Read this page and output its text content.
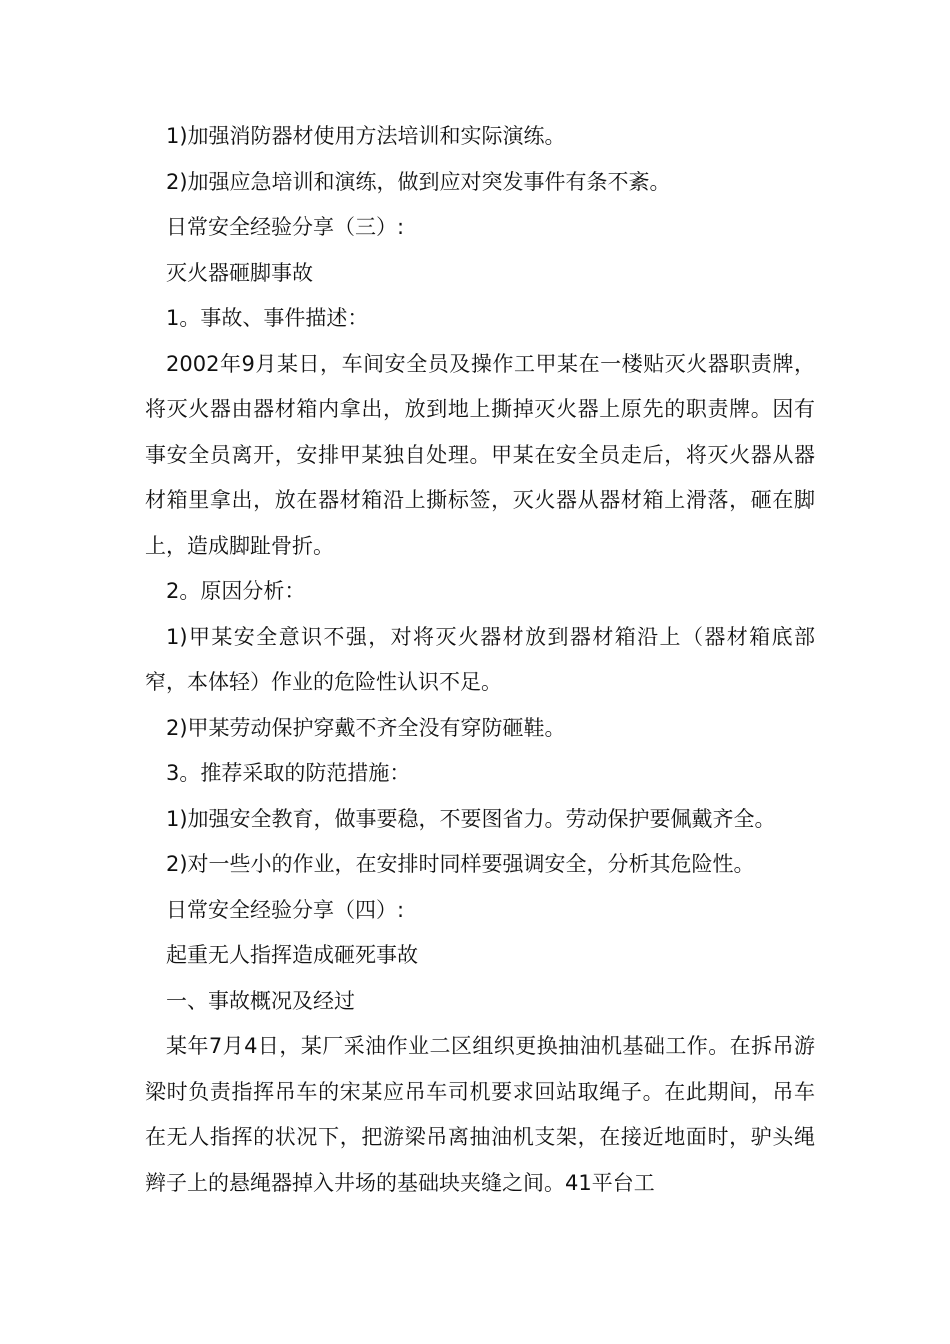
1)加强消防器材使用方法培训和实际演练。

2)加强应急培训和演练，做到应对突发事件有条不紊。

日常安全经验分享（三）:

灭火器砸脚事故

1。事故、事件描述：

2002年9月某日，车间安全员及操作工甲某在一楼贴灭火器职责牌，将灭火器由器材箱内拿出，放到地上撕掉灭火器上原先的职责牌。因有事安全员离开，安排甲某独自处理。甲某在安全员走后，将灭火器从器材箱里拿出，放在器材箱沿上撕标签，灭火器从器材箱上滑落，砸在脚上，造成脚趾骨折。

2。原因分析：

1)甲某安全意识不强，对将灭火器材放到器材箱沿上（器材箱底部窄，本体轻）作业的危险性认识不足。

2)甲某劳动保护穿戴不齐全没有穿防砸鞋。

3。推荐采取的防范措施：

1)加强安全教育，做事要稳，不要图省力。劳动保护要佩戴齐全。

2)对一些小的作业，在安排时同样要强调安全，分析其危险性。

日常安全经验分享（四）:

起重无人指挥造成砸死事故

一、事故概况及经过

某年7月4日，某厂采油作业二区组织更换抽油机基础工作。在拆吊游梁时负责指挥吊车的宋某应吊车司机要求回站取绳子。在此期间，吊车在无人指挥的状况下，把游梁吊离抽油机支架，在接近地面时，驴头绳辫子上的悬绳器掉入井场的基础块夹缝之间。41平台工
